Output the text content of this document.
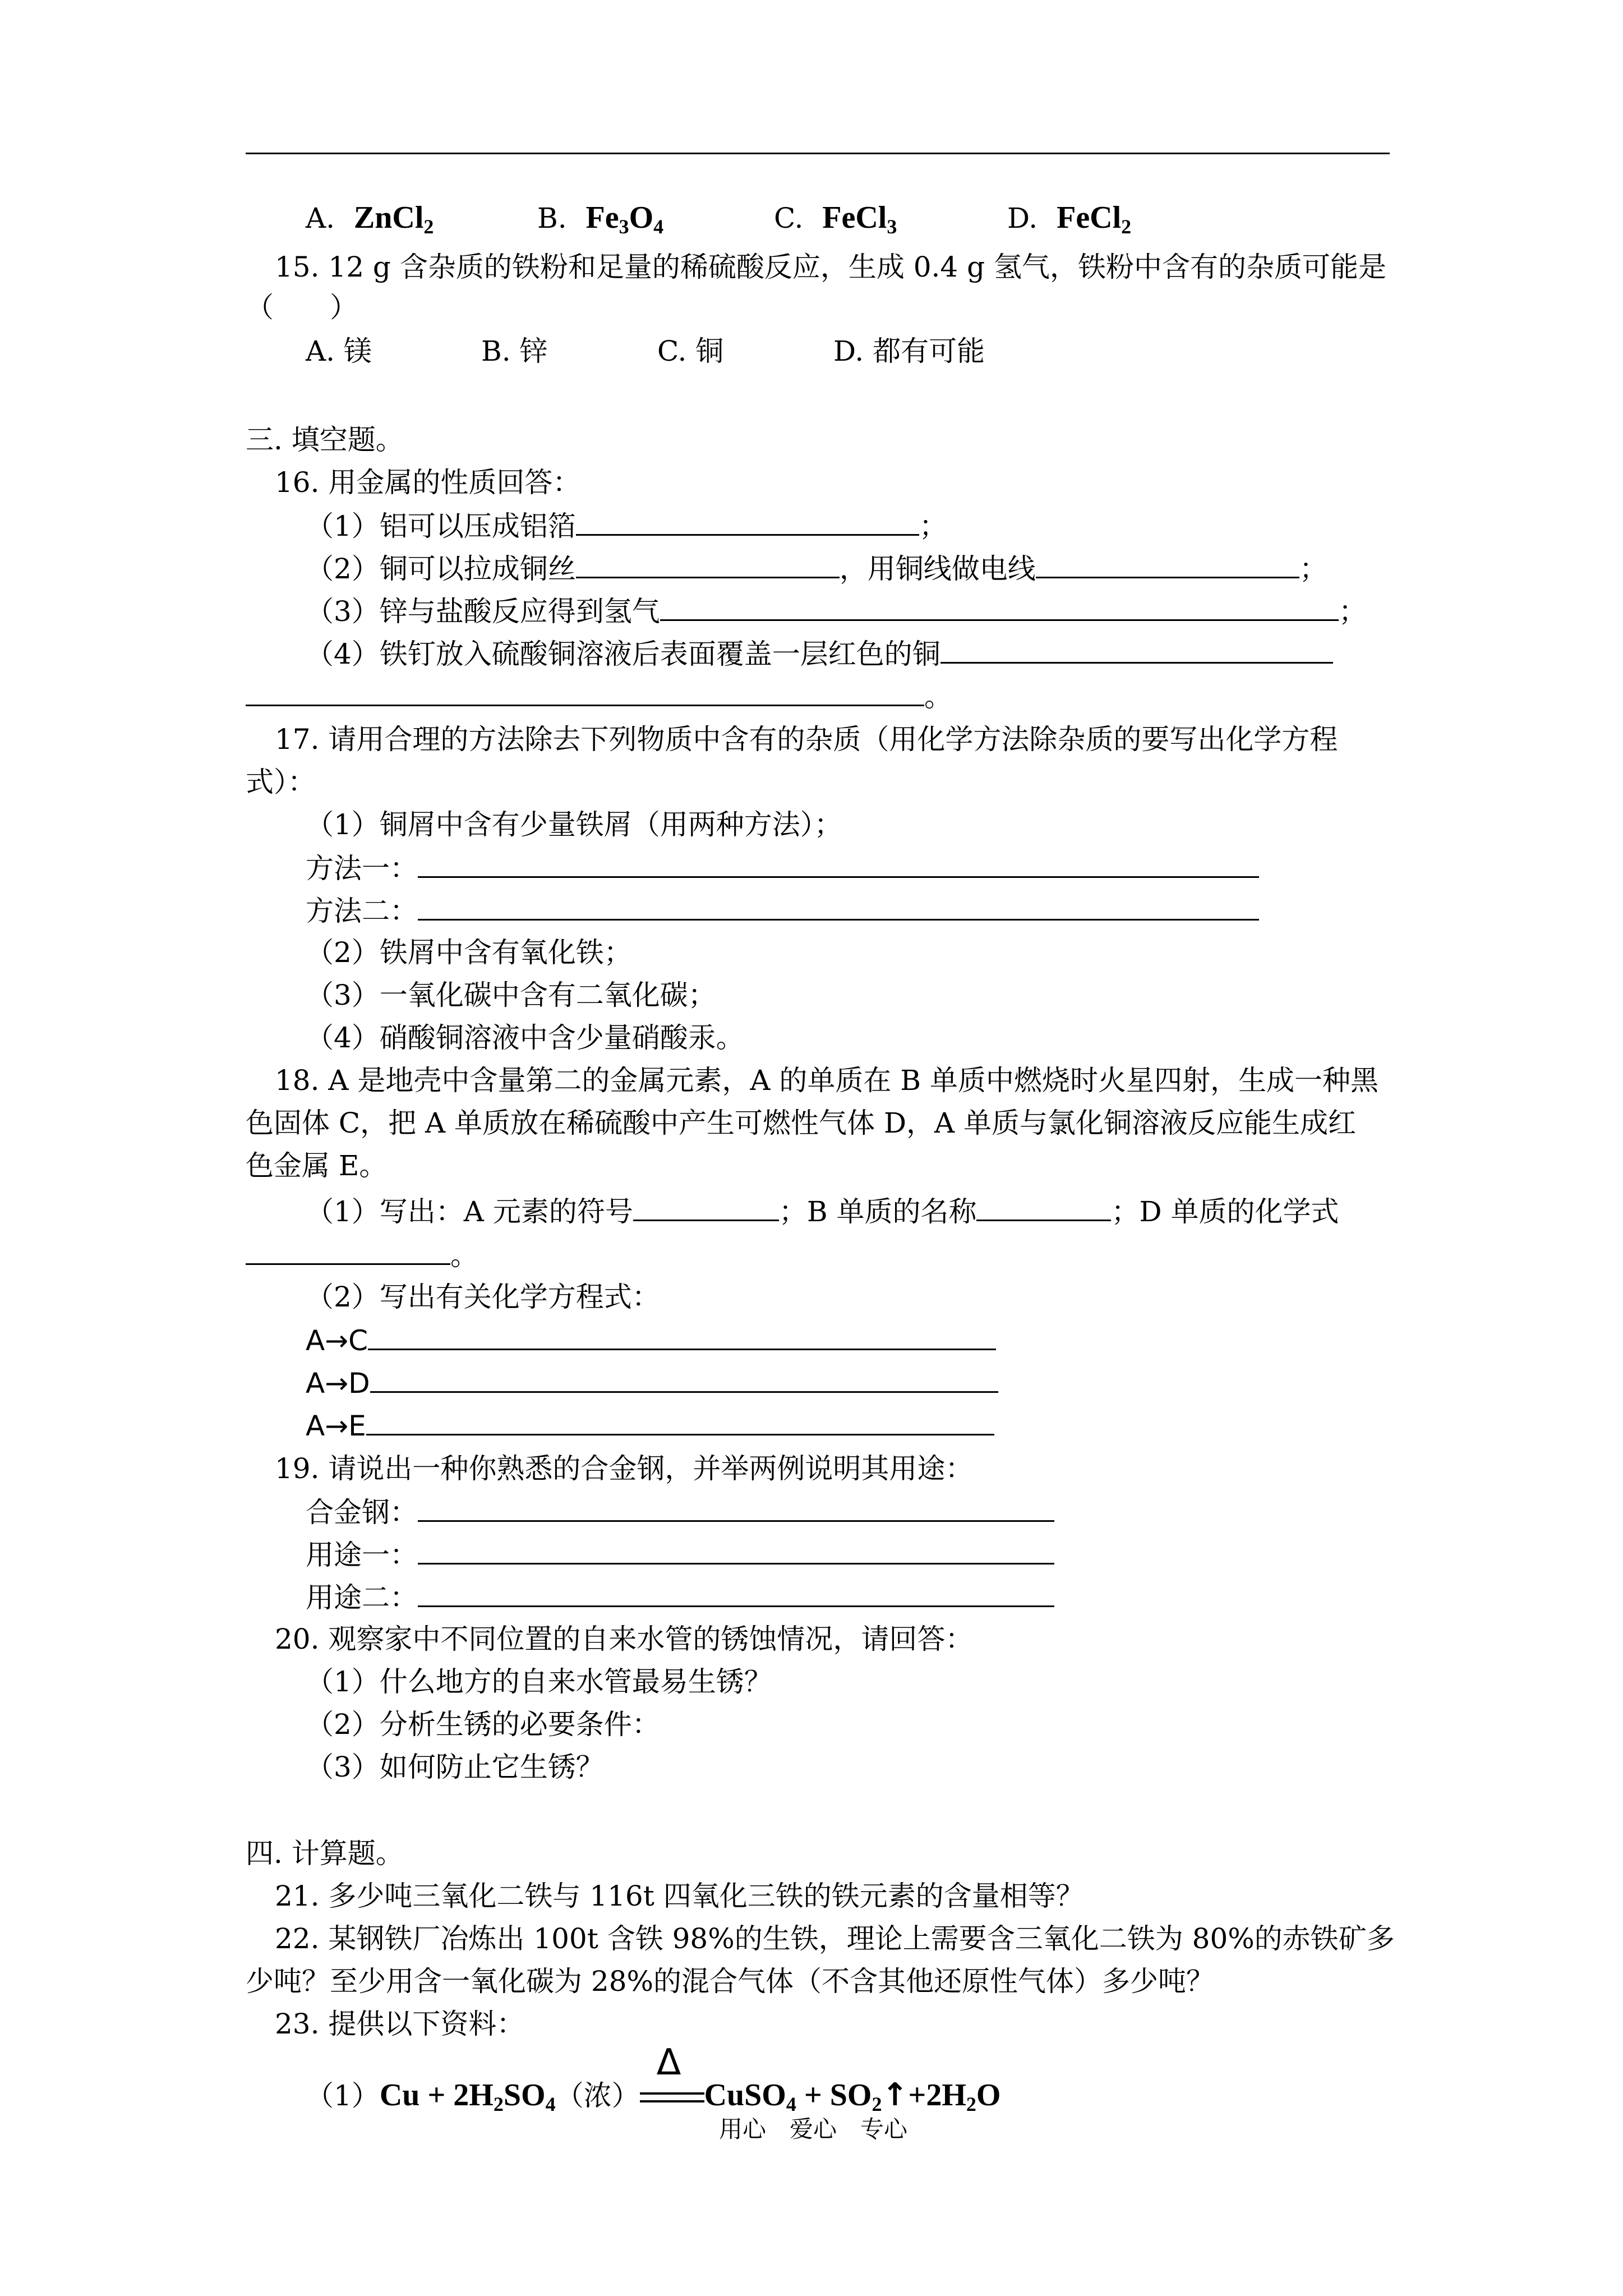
A. ZnCl$_2$	B. $Fe_3O_4$	C. FeCl$_3$	D. FeCl$_2$
15. 12 g 含杂质的铁粉和足量的稀硫酸反应，生成 0.4 g 氢气，铁粉中含有的杂质可能是
（　　）
A. 镁	B. 锌	C. 铜	D. 都有可能
三. 填空题。
16. 用金属的性质回答：
（1）铝可以压成铝箔	；
（2）铜可以拉成铜丝	，用铜线做电线	；
（3）锌与盐酸反应得到氢气	；
（4）铁钉放入硫酸铜溶液后表面覆盖一层红色的铜
。
17. 请用合理的方法除去下列物质中含有的杂质（用化学方法除杂质的要写出化学方程
式）：
（1）铜屑中含有少量铁屑（用两种方法）；
方法一：
方法二：
（2）铁屑中含有氧化铁；
（3）一氧化碳中含有二氧化碳；
（4）硝酸铜溶液中含少量硝酸汞。
18. A 是地壳中含量第二的金属元素，A 的单质在 B 单质中燃烧时火星四射，生成一种黑
色固体 C，把 A 单质放在稀硫酸中产生可燃性气体 D，A 单质与氯化铜溶液反应能生成红
色金属 E。
（1）写出：A 元素的符号	；B 单质的名称	；D 单质的化学式
。
（2）写出有关化学方程式：
A→C
A→D
A→E
19. 请说出一种你熟悉的合金钢，并举两例说明其用途：
合金钢：
用途一：
用途二：
20. 观察家中不同位置的自来水管的锈蚀情况，请回答：
（1）什么地方的自来水管最易生锈？
（2）分析生锈的必要条件：
（3）如何防止它生锈？
四. 计算题。
21. 多少吨三氧化二铁与 116t 四氧化三铁的铁元素的含量相等？
22. 某钢铁厂冶炼出 100t 含铁 98%的生铁，理论上需要含三氧化二铁为 80%的赤铁矿多
少吨？至少用含一氧化碳为 28%的混合气体（不含其他还原性气体）多少吨？
23. 提供以下资料：
$(1)Cu + 2H_2SO_4$（浓）
Δ
CuSO$_4$ + $SO_2↑+2H_2O$
用心　爱心　专心
